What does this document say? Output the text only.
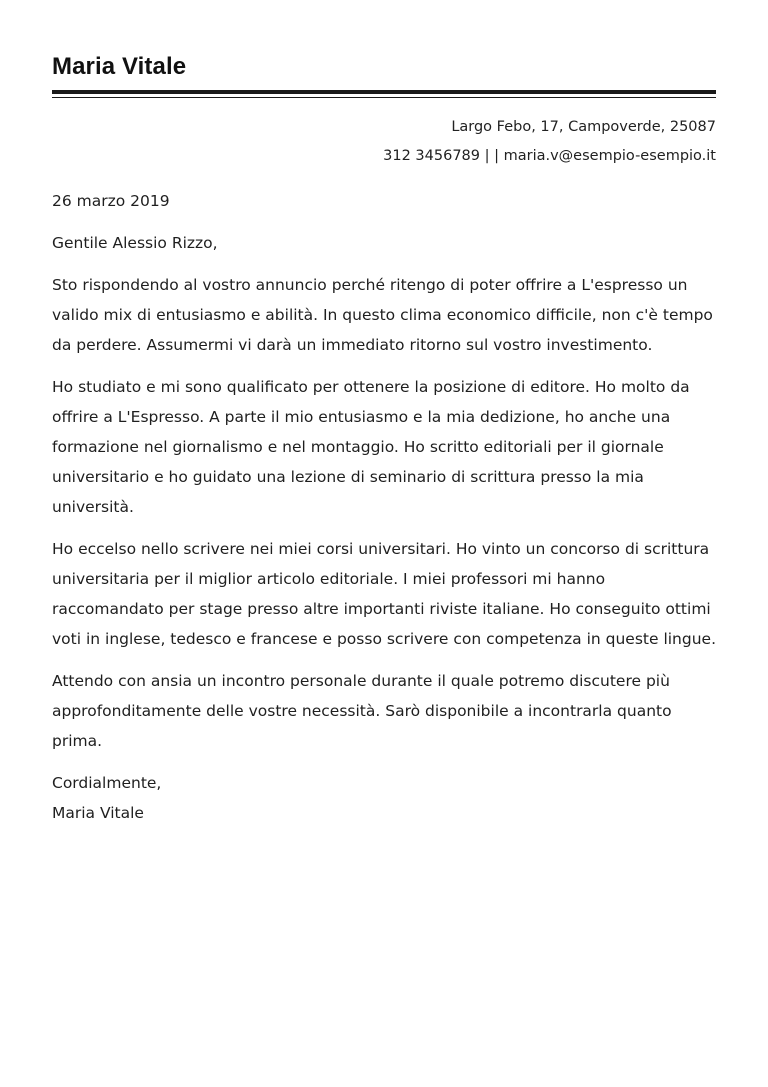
Maria Vitale
Largo Febo, 17, Campoverde, 25087
312 3456789 | | maria.v@esempio-esempio.it

26 marzo 2019

Gentile Alessio Rizzo,

Sto rispondendo al vostro annuncio perché ritengo di poter offrire a L'espresso un valido mix di entusiasmo e abilità. In questo clima economico difficile, non c'è tempo da perdere. Assumermi vi darà un immediato ritorno sul vostro investimento.

Ho studiato e mi sono qualificato per ottenere la posizione di editore. Ho molto da offrire a L'Espresso. A parte il mio entusiasmo e la mia dedizione, ho anche una formazione nel giornalismo e nel montaggio. Ho scritto editoriali per il giornale universitario e ho guidato una lezione di seminario di scrittura presso la mia università.

Ho eccelso nello scrivere nei miei corsi universitari. Ho vinto un concorso di scrittura universitaria per il miglior articolo editoriale. I miei professori mi hanno raccomandato per stage presso altre importanti riviste italiane. Ho conseguito ottimi voti in inglese, tedesco e francese e posso scrivere con competenza in queste lingue.

Attendo con ansia un incontro personale durante il quale potremo discutere più approfonditamente delle vostre necessità. Sarò disponibile a incontrarla quanto prima.

Cordialmente,

Maria Vitale
